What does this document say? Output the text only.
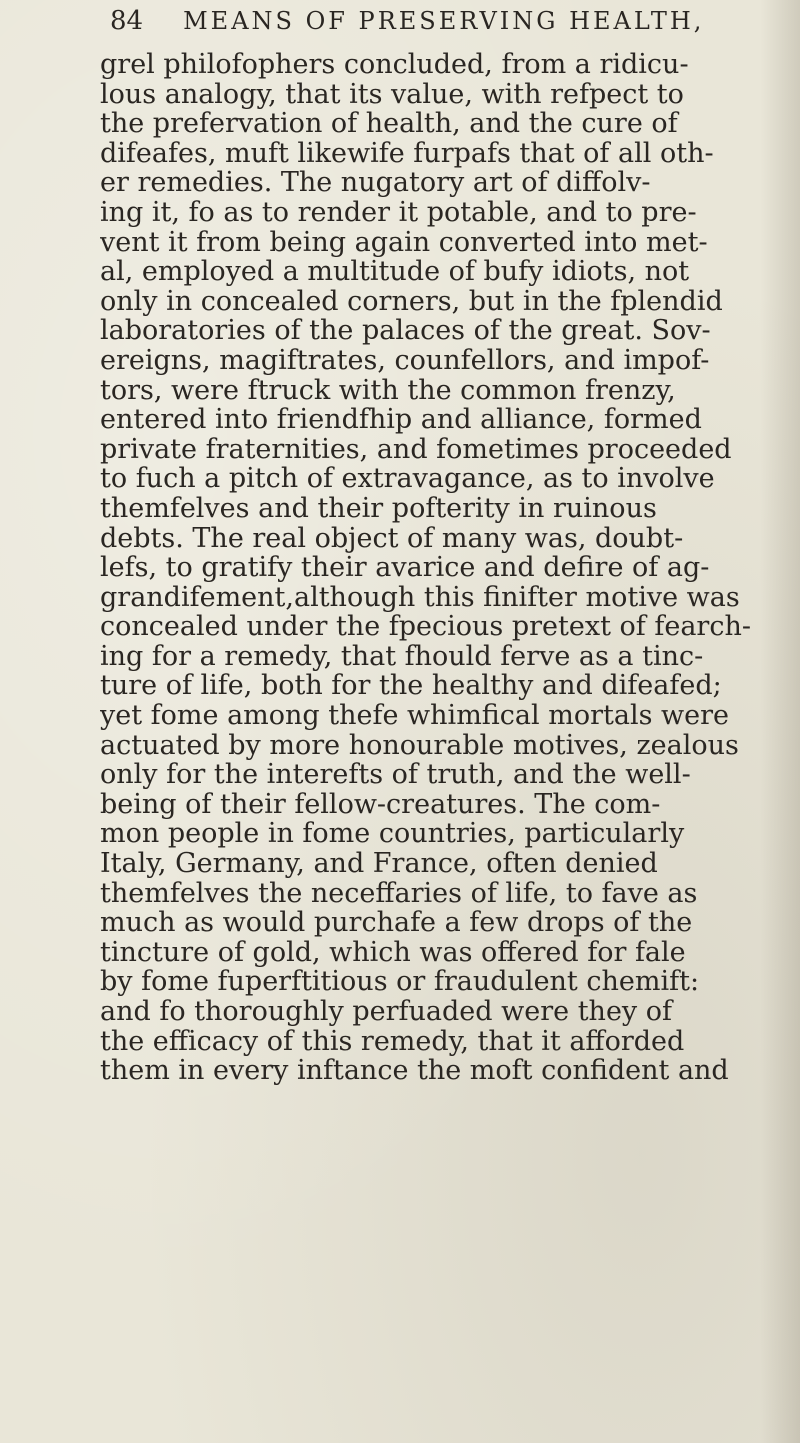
84 MEANS OF PRESERVING HEALTH,
grel philofophers concluded, from a ridicu-
lous analogy, that its value, with refpect to
the prefervation of health, and the cure of
difeafes, muft likewife furpafs that of all oth-
er remedies. The nugatory art of diffolv-
ing it, fo as to render it potable, and to pre-
vent it from being again converted into met-
al, employed a multitude of bufy idiots, not
only in concealed corners, but in the fplendid
laboratories of the palaces of the great. Sov-
ereigns, magiftrates, counfellors, and impof-
tors, were ftruck with the common frenzy,
entered into friendfhip and alliance, formed
private fraternities, and fometimes proceeded
to fuch a pitch of extravagance, as to involve
themfelves and their pofterity in ruinous
debts. The real object of many was, doubt-
lefs, to gratify their avarice and defire of ag-
grandifement,although this finifter motive was
concealed under the fpecious pretext of fearch-
ing for a remedy, that fhould ferve as a tinc-
ture of life, both for the healthy and difeafed;
yet fome among thefe whimfical mortals were
actuated by more honourable motives, zealous
only for the interefts of truth, and the well-
being of their fellow-creatures. The com-
mon people in fome countries, particularly
Italy, Germany, and France, often denied
themfelves the neceffaries of life, to fave as
much as would purchafe a few drops of the
tincture of gold, which was offered for fale
by fome fuperftitious or fraudulent chemift:
and fo thoroughly perfuaded were they of
the efficacy of this remedy, that it afforded
them in every inftance the moft confident and
